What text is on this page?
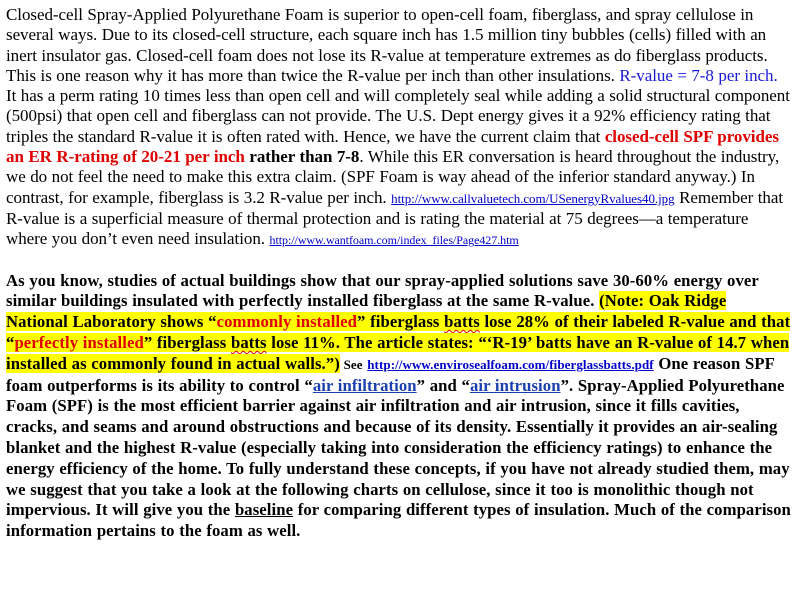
Closed-cell Spray-Applied Polyurethane Foam is superior to open-cell foam, fiberglass, and spray cellulose in several ways. Due to its closed-cell structure, each square inch has 1.5 million tiny bubbles (cells) filled with an inert insulator gas. Closed-cell foam does not lose its R-value at temperature extremes as do fiberglass products. This is one reason why it has more than twice the R-value per inch than other insulations. R-value = 7-8 per inch. It has a perm rating 10 times less than open cell and will completely seal while adding a solid structural component (500psi) that open cell and fiberglass can not provide. The U.S. Dept energy gives it a 92% efficiency rating that triples the standard R-value it is often rated with. Hence, we have the current claim that closed-cell SPF provides an ER R-rating of 20-21 per inch rather than 7-8. While this ER conversation is heard throughout the industry, we do not feel the need to make this extra claim. (SPF Foam is way ahead of the inferior standard anyway.) In contrast, for example, fiberglass is 3.2 R-value per inch. http://www.callvaluetech.com/USenergyRvalues40.jpg Remember that R-value is a superficial measure of thermal protection and is rating the material at 75 degrees—a temperature where you don’t even need insulation. http://www.wantfoam.com/index_files/Page427.htm

As you know, studies of actual buildings show that our spray-applied solutions save 30-60% energy over similar buildings insulated with perfectly installed fiberglass at the same R-value. (Note: Oak Ridge National Laboratory shows “commonly installed” fiberglass batts lose 28% of their labeled R-value and that “perfectly installed” fiberglass batts lose 11%. The article states: “‘R-19’ batts have an R-value of 14.7 when installed as commonly found in actual walls.”) See http://www.envirosealfoam.com/fiberglassbatts.pdf One reason SPF foam outperforms is its ability to control “air infiltration” and “air intrusion”. Spray-Applied Polyurethane Foam (SPF) is the most efficient barrier against air infiltration and air intrusion, since it fills cavities, cracks, and seams and around obstructions and because of its density. Essentially it provides an air-sealing blanket and the highest R-value (especially taking into consideration the efficiency ratings) to enhance the energy efficiency of the home. To fully understand these concepts, if you have not already studied them, may we suggest that you take a look at the following charts on cellulose, since it too is monolithic though not impervious. It will give you the baseline for comparing different types of insulation. Much of the comparison information pertains to the foam as well.
